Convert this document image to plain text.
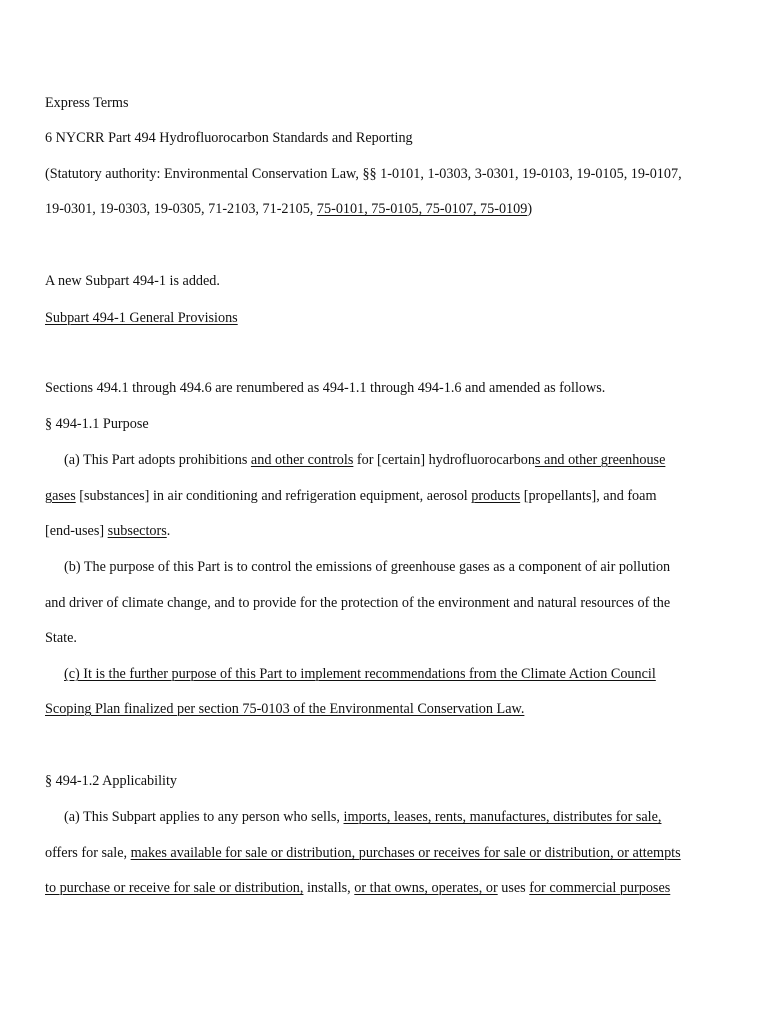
Express Terms
6 NYCRR Part 494 Hydrofluorocarbon Standards and Reporting
(Statutory authority: Environmental Conservation Law, §§ 1-0101, 1-0303, 3-0301, 19-0103, 19-0105, 19-0107,
19-0301, 19-0303, 19-0305, 71-2103, 71-2105, 75-0101, 75-0105, 75-0107, 75-0109)
A new Subpart 494-1 is added.
Subpart 494-1 General Provisions
Sections 494.1 through 494.6 are renumbered as 494-1.1 through 494-1.6 and amended as follows.
§ 494-1.1 Purpose
(a) This Part adopts prohibitions and other controls for [certain] hydrofluorocarbons and other greenhouse
gases [substances] in air conditioning and refrigeration equipment, aerosol products [propellants], and foam
[end-uses] subsectors.
(b) The purpose of this Part is to control the emissions of greenhouse gases as a component of air pollution
and driver of climate change, and to provide for the protection of the environment and natural resources of the
State.
(c) It is the further purpose of this Part to implement recommendations from the Climate Action Council
Scoping Plan finalized per section 75-0103 of the Environmental Conservation Law.
§ 494-1.2 Applicability
(a) This Subpart applies to any person who sells, imports, leases, rents, manufactures, distributes for sale,
offers for sale, makes available for sale or distribution, purchases or receives for sale or distribution, or attempts
to purchase or receive for sale or distribution, installs, or that owns, operates, or uses for commercial purposes
